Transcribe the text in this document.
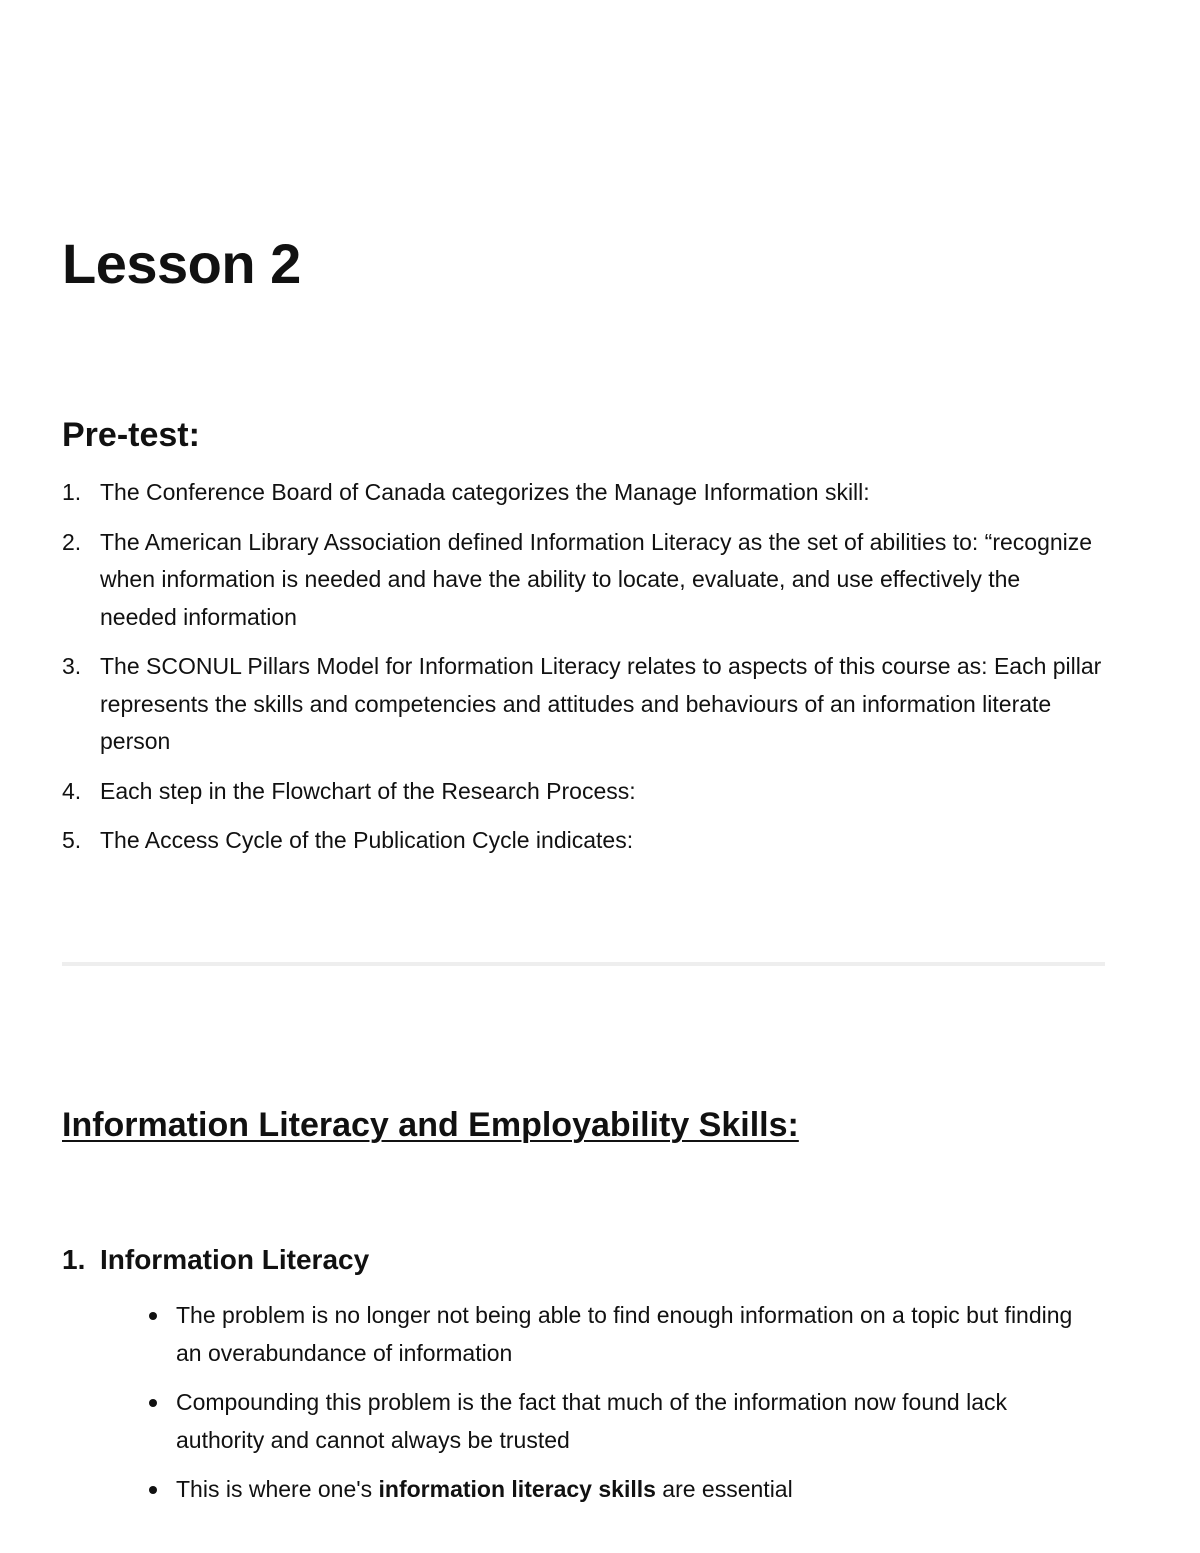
Lesson 2
Pre-test:
1. The Conference Board of Canada categorizes the Manage Information skill:
2. The American Library Association defined Information Literacy as the set of abilities to: “recognize when information is needed and have the ability to locate, evaluate, and use effectively the needed information
3. The SCONUL Pillars Model for Information Literacy relates to aspects of this course as: Each pillar represents the skills and competencies and attitudes and behaviours of an information literate person
4. Each step in the Flowchart of the Research Process:
5. The Access Cycle of the Publication Cycle indicates:
Information Literacy and Employability Skills:
1. Information Literacy
The problem is no longer not being able to find enough information on a topic but finding an overabundance of information
Compounding this problem is the fact that much of the information now found lack authority and cannot always be trusted
This is where one's information literacy skills are essential
